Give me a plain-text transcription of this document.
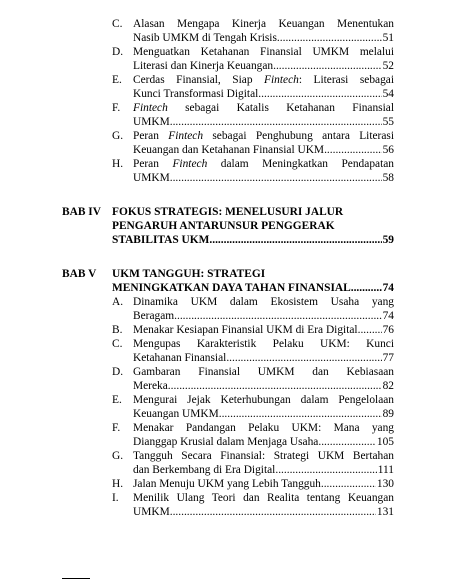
C. Alasan Mengapa Kinerja Keuangan Menentukan
Nasib UMKM di Tengah Krisis .....	51
D. Menguatkan Ketahanan Finansial UMKM melalui
Literasi dan Kinerja Keuangan .....	52
E. Cerdas Finansial, Siap Fintech: Literasi sebagai
Kunci Transformasi Digital .....	54
F. Fintech sebagai Katalis Ketahanan Finansial
UMKM .....	55
G. Peran Fintech sebagai Penghubung antara Literasi
Keuangan dan Ketahanan Finansial UKM .....	56
H. Peran Fintech dalam Meningkatkan Pendapatan
UMKM .....	58
BAB IV FOKUS STRATEGIS: MENELUSURI JALUR
PENGARUH ANTARUNSUR PENGGERAK
STABILITAS UKM .....	59
BAB V UKM TANGGUH: STRATEGI
MENINGKATKAN DAYA TAHAN FINANSIAL .....	74
A. Dinamika UKM dalam Ekosistem Usaha yang
Beragam .....	74
B. Menakar Kesiapan Finansial UKM di Era Digital ..... 76
C. Mengupas Karakteristik Pelaku UKM: Kunci
Ketahanan Finansial .....	77
D. Gambaran Finansial UMKM dan Kebiasaan
Mereka .....	82
E. Mengurai Jejak Keterhubungan dalam Pengelolaan
Keuangan UMKM .....	89
F. Menakar Pandangan Pelaku UKM: Mana yang
Dianggap Krusial dalam Menjaga Usaha .....	105
G. Tangguh Secara Finansial: Strategi UKM Bertahan
dan Berkembang di Era Digital .....	111
H. Jalan Menuju UKM yang Lebih Tangguh .....	130
I. Menilik Ulang Teori dan Realita tentang Keuangan
UMKM .....	131
